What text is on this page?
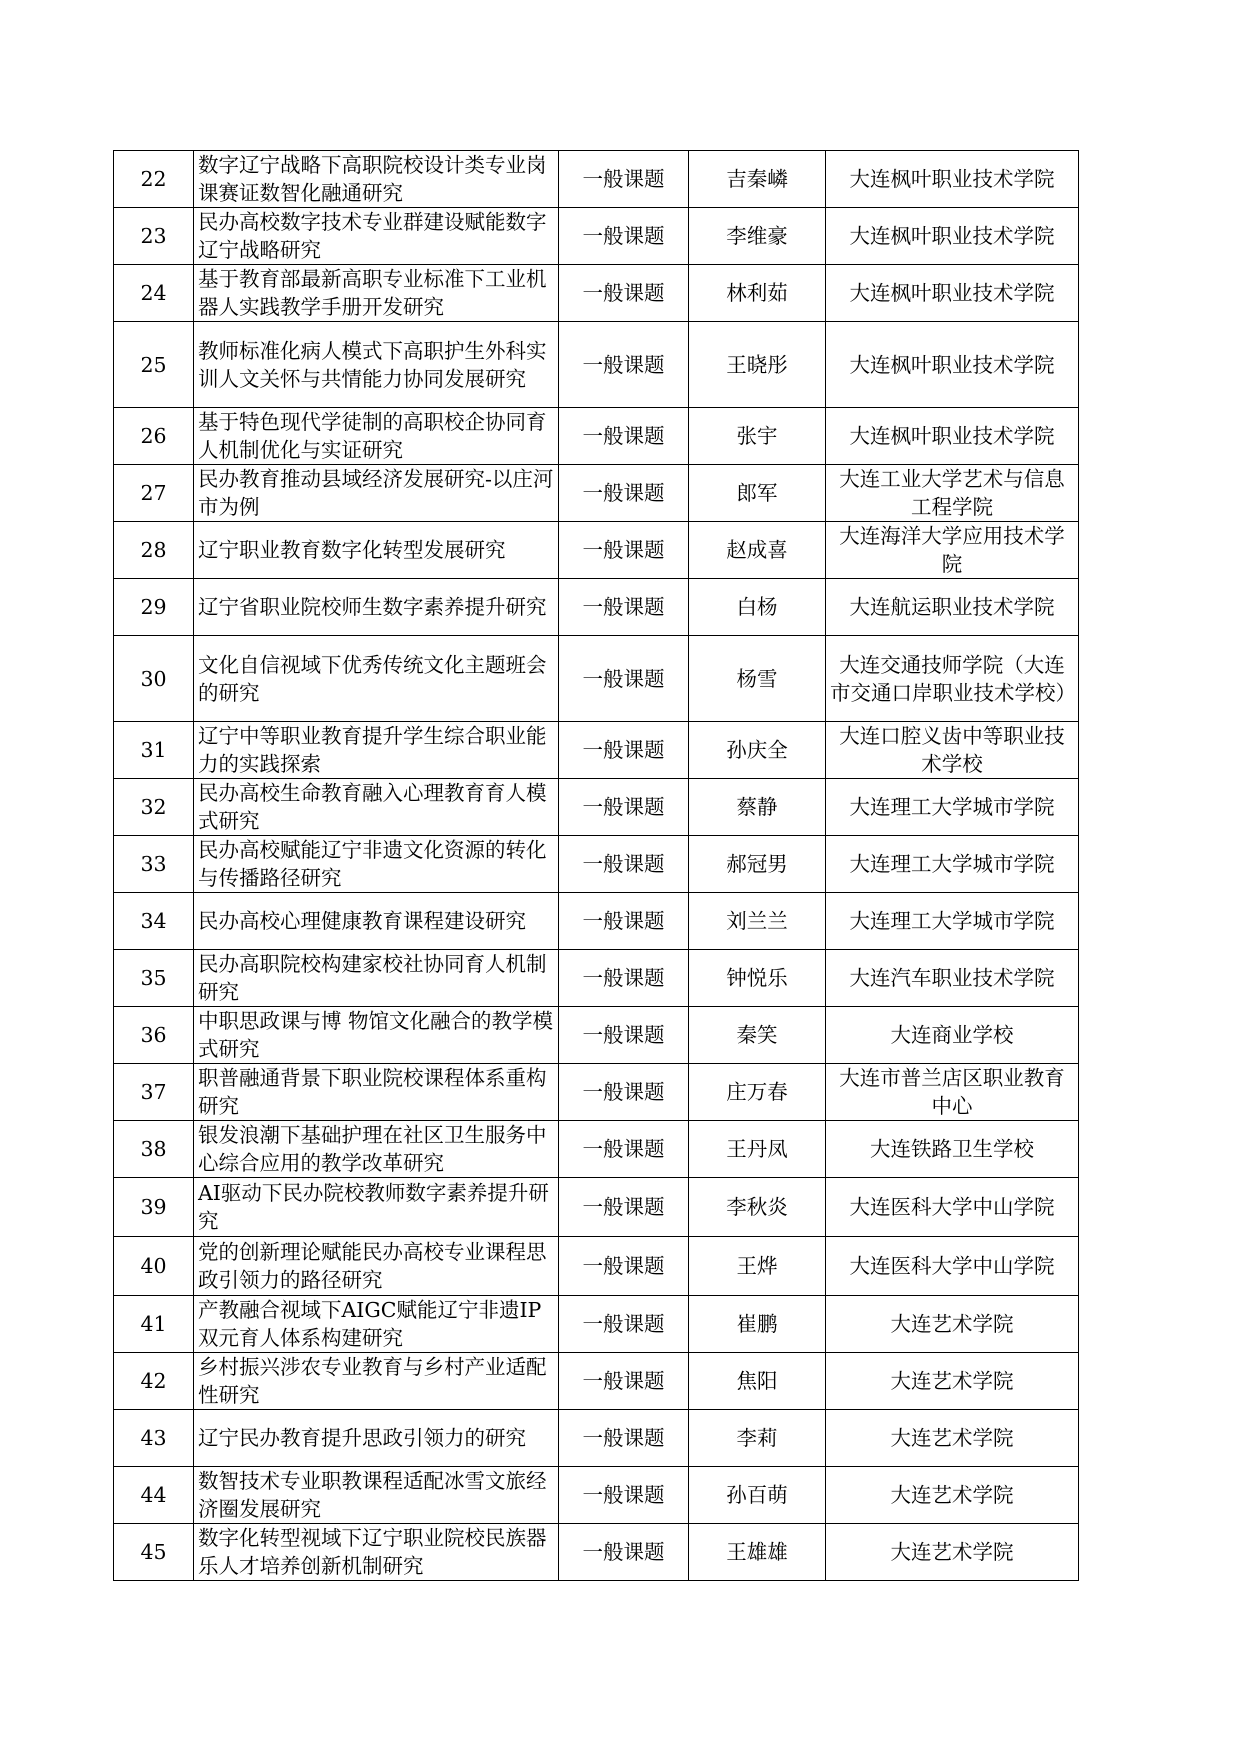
22	数字辽宁战略下高职院校设计类专业岗课赛证数智化融通研究	一般课题	吉秦嶙	大连枫叶职业技术学院
23	民办高校数字技术专业群建设赋能数字辽宁战略研究	一般课题	李维豪	大连枫叶职业技术学院
24	基于教育部最新高职专业标准下工业机器人实践教学手册开发研究	一般课题	林利茹	大连枫叶职业技术学院
25	教师标准化病人模式下高职护生外科实训人文关怀与共情能力协同发展研究	一般课题	王晓彤	大连枫叶职业技术学院
26	基于特色现代学徒制的高职校企协同育人机制优化与实证研究	一般课题	张宇	大连枫叶职业技术学院
27	民办教育推动县域经济发展研究-以庄河市为例	一般课题	郎军	大连工业大学艺术与信息工程学院
28	辽宁职业教育数字化转型发展研究	一般课题	赵成喜	大连海洋大学应用技术学院
29	辽宁省职业院校师生数字素养提升研究	一般课题	白杨	大连航运职业技术学院
30	文化自信视域下优秀传统文化主题班会的研究	一般课题	杨雪	大连交通技师学院（大连市交通口岸职业技术学校）
31	辽宁中等职业教育提升学生综合职业能力的实践探索	一般课题	孙庆全	大连口腔义齿中等职业技术学校
32	民办高校生命教育融入心理教育育人模式研究	一般课题	蔡静	大连理工大学城市学院
33	民办高校赋能辽宁非遗文化资源的转化与传播路径研究	一般课题	郝冠男	大连理工大学城市学院
34	民办高校心理健康教育课程建设研究	一般课题	刘兰兰	大连理工大学城市学院
35	民办高职院校构建家校社协同育人机制研究	一般课题	钟悦乐	大连汽车职业技术学院
36	中职思政课与博 物馆文化融合的教学模式研究	一般课题	秦笑	大连商业学校
37	职普融通背景下职业院校课程体系重构研究	一般课题	庄万春	大连市普兰店区职业教育中心
38	银发浪潮下基础护理在社区卫生服务中心综合应用的教学改革研究	一般课题	王丹凤	大连铁路卫生学校
39	AI驱动下民办院校教师数字素养提升研究	一般课题	李秋炎	大连医科大学中山学院
40	党的创新理论赋能民办高校专业课程思政引领力的路径研究	一般课题	王烨	大连医科大学中山学院
41	产教融合视域下AIGC赋能辽宁非遗IP双元育人体系构建研究	一般课题	崔鹏	大连艺术学院
42	乡村振兴涉农专业教育与乡村产业适配性研究	一般课题	焦阳	大连艺术学院
43	辽宁民办教育提升思政引领力的研究	一般课题	李莉	大连艺术学院
44	数智技术专业职教课程适配冰雪文旅经济圈发展研究	一般课题	孙百萌	大连艺术学院
45	数字化转型视域下辽宁职业院校民族器乐人才培养创新机制研究	一般课题	王雄雄	大连艺术学院
